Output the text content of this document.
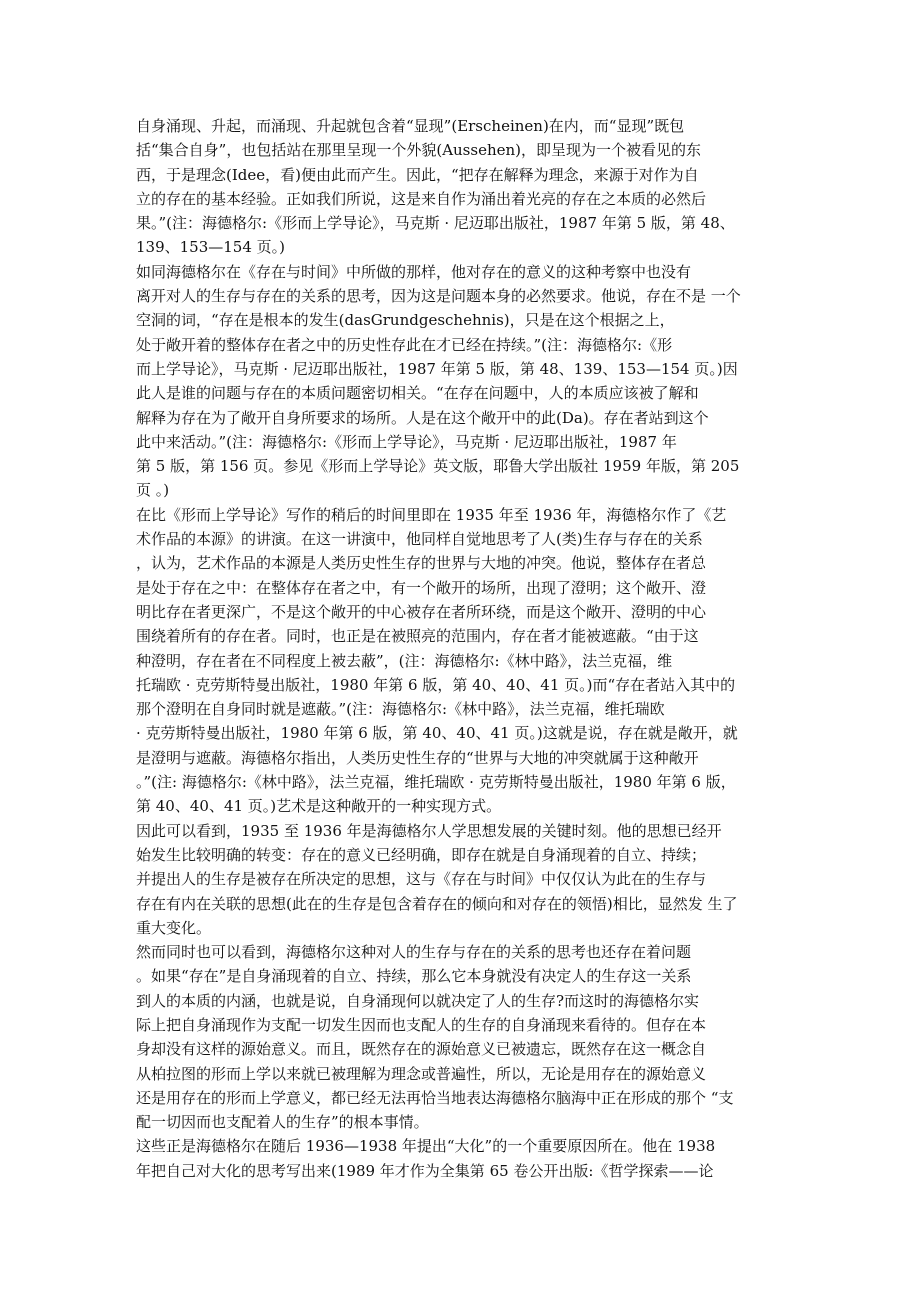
自身涌现、升起，而涌现、升起就包含着“显现”(Erscheinen)在内，而“显现”既包
括“集合自身”，也包括站在那里呈现一个外貌(Aussehen)，即呈现为一个被看见的东
西，于是理念(Idee，看)便由此而产生。因此，“把存在解释为理念，来源于对作为自
立的存在的基本经验。正如我们所说，这是来自作为涌出着光亮的存在之本质的必然后
果。”(注：海德格尔:《形而上学导论》，马克斯 · 尼迈耶出版社，1987 年第 5 版，第 48、
139、153—154 页。)
如同海德格尔在《存在与时间》中所做的那样，他对存在的意义的这种考察中也没有
离开对人的生存与存在的关系的思考，因为这是问题本身的必然要求。他说，存在不是 一个
空洞的词，“存在是根本的发生(dasGrundgeschehnis)，只是在这个根据之上，
处于敞开着的整体存在者之中的历史性存此在才已经在持续。”(注：海德格尔:《形
而上学导论》，马克斯 · 尼迈耶出版社，1987 年第 5 版，第 48、139、153—154 页。)因
此人是谁的问题与存在的本质问题密切相关。“在存在问题中，人的本质应该被了解和
解释为存在为了敞开自身所要求的场所。人是在这个敞开中的此(Da)。存在者站到这个
此中来活动。”(注：海德格尔:《形而上学导论》，马克斯 · 尼迈耶出版社，1987 年
第 5 版，第 156 页。参见《形而上学导论》英文版，耶鲁大学出版社 1959 年版，第 205
页 。)
在比《形而上学导论》写作的稍后的时间里即在 1935 年至 1936 年，海德格尔作了《艺
术作品的本源》的讲演。在这一讲演中，他同样自觉地思考了人(类)生存与存在的关系
，认为，艺术作品的本源是人类历史性生存的世界与大地的冲突。他说，整体存在者总
是处于存在之中：在整体存在者之中，有一个敞开的场所，出现了澄明；这个敞开、澄
明比存在者更深广，不是这个敞开的中心被存在者所环绕，而是这个敞开、澄明的中心
围绕着所有的存在者。同时，也正是在被照亮的范围内，存在者才能被遮蔽。“由于这
种澄明，存在者在不同程度上被去蔽”，(注：海德格尔:《林中路》，法兰克福，维
托瑞欧 · 克劳斯特曼出版社，1980 年第 6 版，第 40、40、41 页。)而“存在者站入其中的
那个澄明在自身同时就是遮蔽。”(注：海德格尔:《林中路》，法兰克福，维托瑞欧
· 克劳斯特曼出版社，1980 年第 6 版，第 40、40、41 页。)这就是说，存在就是敞开，就
是澄明与遮蔽。海德格尔指出，人类历史性生存的“世界与大地的冲突就属于这种敞开
。”(注: 海德格尔:《林中路》，法兰克福，维托瑞欧 · 克劳斯特曼出版社，1980 年第 6 版，
第 40、40、41 页。)艺术是这种敞开的一种实现方式。
因此可以看到，1935 至 1936 年是海德格尔人学思想发展的关键时刻。他的思想已经开
始发生比较明确的转变：存在的意义已经明确，即存在就是自身涌现着的自立、持续；
并提出人的生存是被存在所决定的思想，这与《存在与时间》中仅仅认为此在的生存与
存在有内在关联的思想(此在的生存是包含着存在的倾向和对存在的领悟)相比，显然发 生了
重大变化。
然而同时也可以看到，海德格尔这种对人的生存与存在的关系的思考也还存在着问题
。如果“存在”是自身涌现着的自立、持续，那么它本身就没有决定人的生存这一关系
到人的本质的内涵，也就是说，自身涌现何以就决定了人的生存?而这时的海德格尔实
际上把自身涌现作为支配一切发生因而也支配人的生存的自身涌现来看待的。但存在本
身却没有这样的源始意义。而且，既然存在的源始意义已被遗忘，既然存在这一概念自
从柏拉图的形而上学以来就已被理解为理念或普遍性，所以，无论是用存在的源始意义
还是用存在的形而上学意义，都已经无法再恰当地表达海德格尔脑海中正在形成的那个 “支
配一切因而也支配着人的生存”的根本事情。
这些正是海德格尔在随后 1936—1938 年提出“大化”的一个重要原因所在。他在 1938
年把自己对大化的思考写出来(1989 年才作为全集第 65 卷公开出版:《哲学探索——论
